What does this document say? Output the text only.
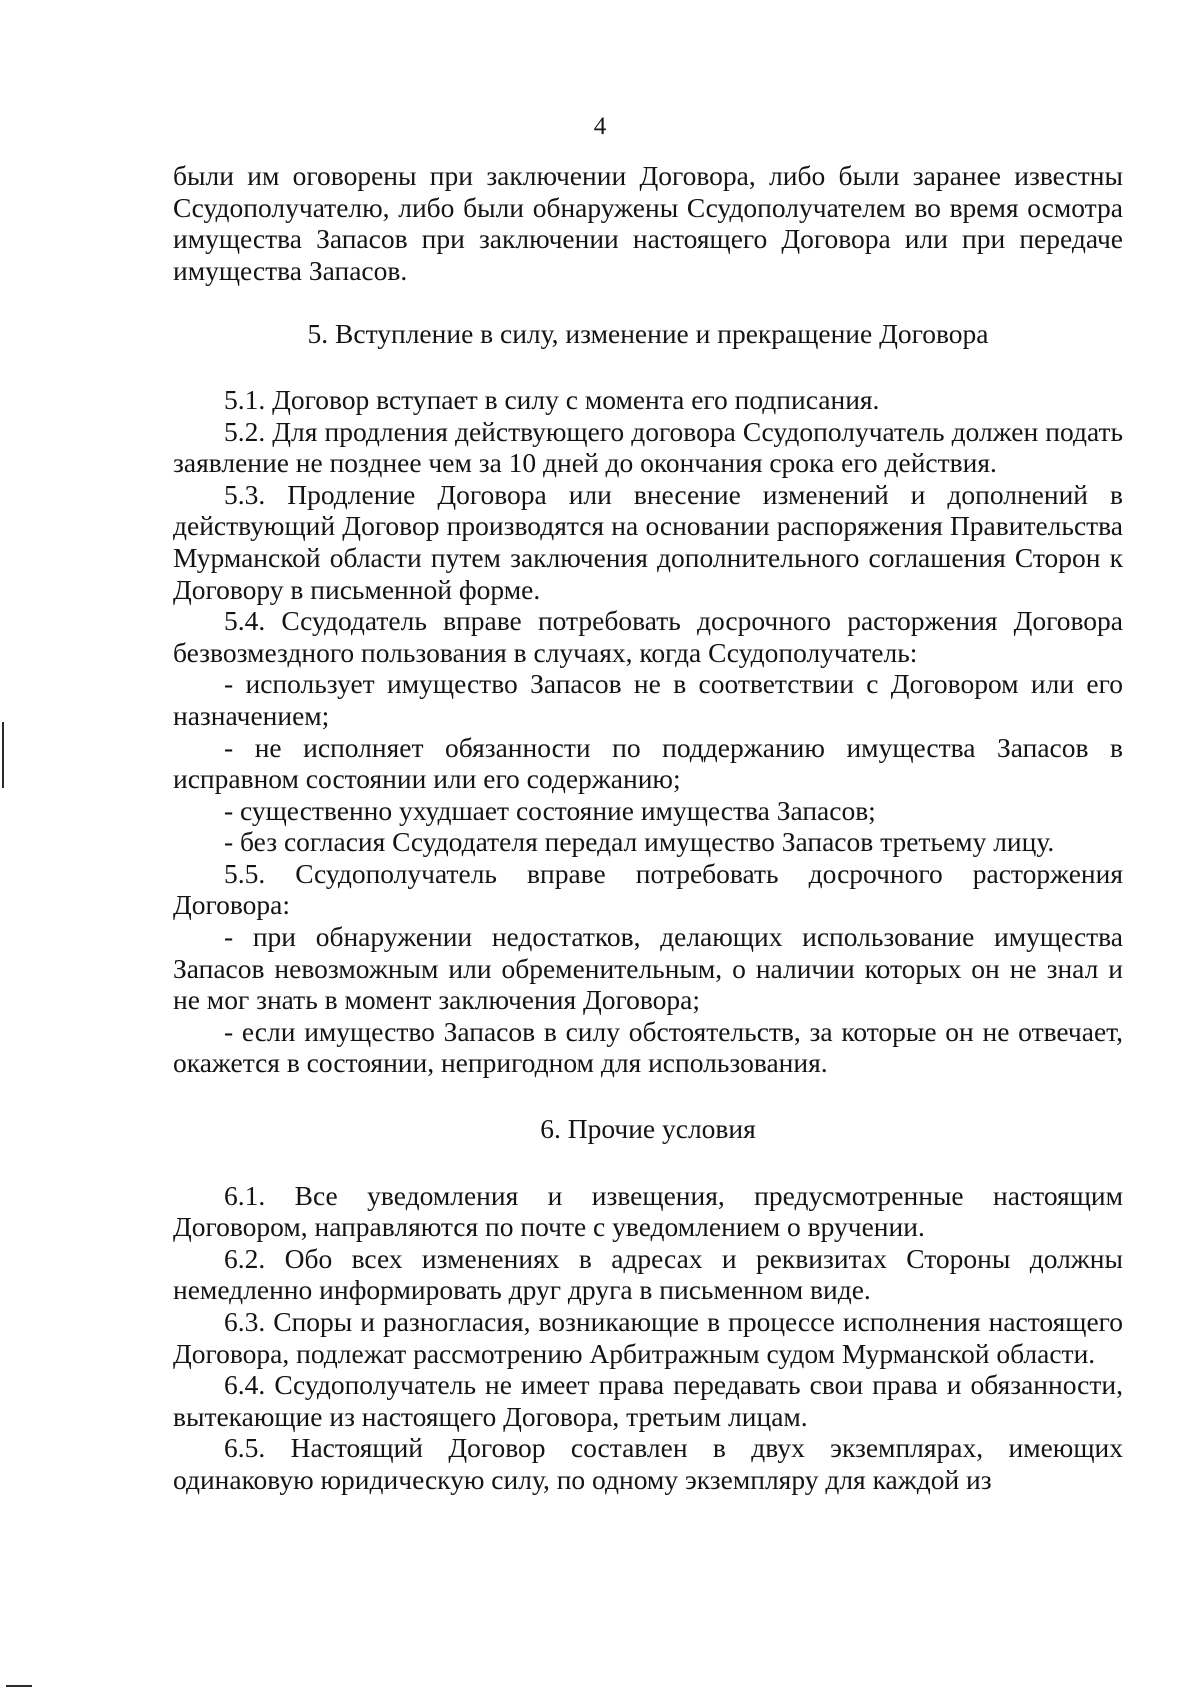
4

были им оговорены при заключении Договора, либо были заранее известны Ссудополучателю, либо были обнаружены Ссудополучателем во время осмотра имущества Запасов при заключении настоящего Договора или при передаче имущества Запасов.

5. Вступление в силу, изменение и прекращение Договора

5.1. Договор вступает в силу с момента его подписания.

5.2. Для продления действующего договора Ссудополучатель должен подать заявление не позднее чем за 10 дней до окончания срока его действия.

5.3. Продление Договора или внесение изменений и дополнений в действующий Договор производятся на основании распоряжения Правительства Мурманской области путем заключения дополнительного соглашения Сторон к Договору в письменной форме.

5.4. Ссудодатель вправе потребовать досрочного расторжения Договора безвозмездного пользования в случаях, когда Ссудополучатель:

- использует имущество Запасов не в соответствии с Договором или его назначением;

- не исполняет обязанности по поддержанию имущества Запасов в исправном состоянии или его содержанию;

- существенно ухудшает состояние имущества Запасов;

- без согласия Ссудодателя передал имущество Запасов третьему лицу.

5.5. Ссудополучатель вправе потребовать досрочного расторжения Договора:

- при обнаружении недостатков, делающих использование имущества Запасов невозможным или обременительным, о наличии которых он не знал и не мог знать в момент заключения Договора;

- если имущество Запасов в силу обстоятельств, за которые он не отвечает, окажется в состоянии, непригодном для использования.

6. Прочие условия

6.1. Все уведомления и извещения, предусмотренные настоящим Договором, направляются по почте с уведомлением о вручении.

6.2. Обо всех изменениях в адресах и реквизитах Стороны должны немедленно информировать друг друга в письменном виде.

6.3. Споры и разногласия, возникающие в процессе исполнения настоящего Договора, подлежат рассмотрению Арбитражным судом Мурманской области.

6.4. Ссудополучатель не имеет права передавать свои права и обязанности, вытекающие из настоящего Договора, третьим лицам.

6.5. Настоящий Договор составлен в двух экземплярах, имеющих одинаковую юридическую силу, по одному экземпляру для каждой из
